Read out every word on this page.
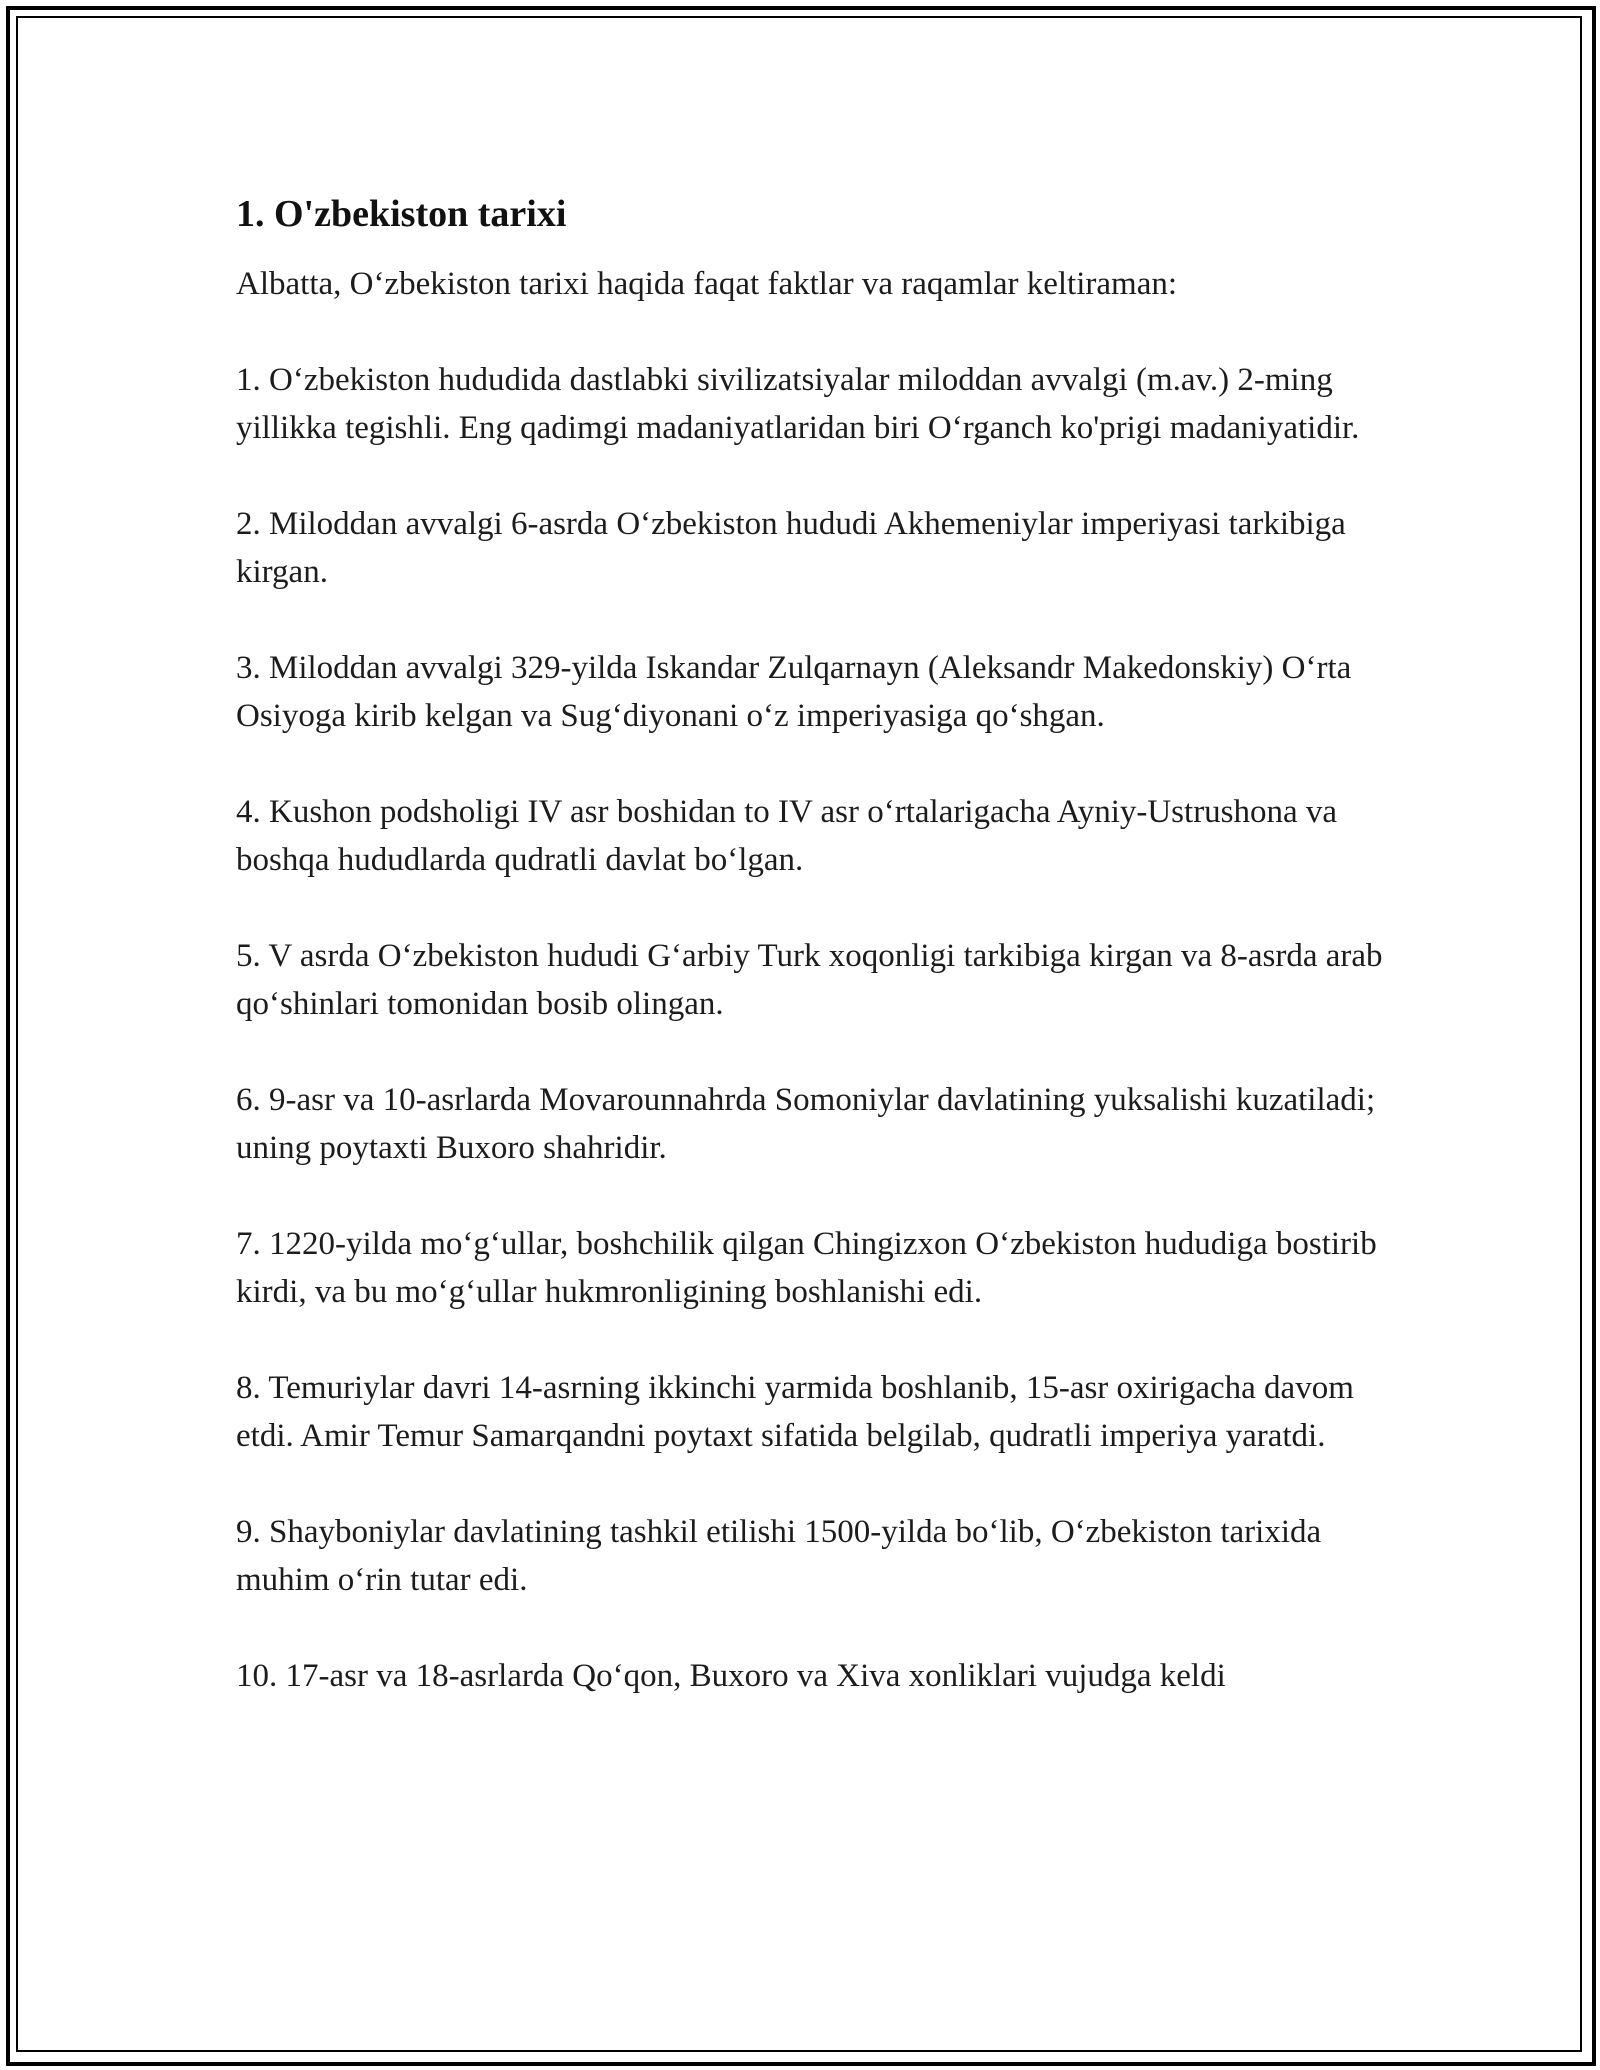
1. O'zbekiston tarixi

Albatta, O‘zbekiston tarixi haqida faqat faktlar va raqamlar keltiraman:

1. O‘zbekiston hududida dastlabki sivilizatsiyalar miloddan avvalgi (m.av.) 2-ming yillikka tegishli. Eng qadimgi madaniyatlaridan biri O‘rganch ko'prigi madaniyatidir.

2. Miloddan avvalgi 6-asrda O‘zbekiston hududi Akhemeniylar imperiyasi tarkibiga kirgan.

3. Miloddan avvalgi 329-yilda Iskandar Zulqarnayn (Aleksandr Makedonskiy) O‘rta Osiyoga kirib kelgan va Sug‘diyonani o‘z imperiyasiga qo‘shgan.

4. Kushon podsholigi IV asr boshidan to IV asr o‘rtalarigacha Ayniy-Ustrushona va boshqa hududlarda qudratli davlat bo‘lgan.

5. V asrda O‘zbekiston hududi G‘arbiy Turk xoqonligi tarkibiga kirgan va 8-asrda arab qo‘shinlari tomonidan bosib olingan.

6. 9-asr va 10-asrlarda Movarounnahrda Somoniylar davlatining yuksalishi kuzatiladi; uning poytaxti Buxoro shahridir.

7. 1220-yilda mo‘g‘ullar, boshchilik qilgan Chingizxon O‘zbekiston hududiga bostirib kirdi, va bu mo‘g‘ullar hukmronligining boshlanishi edi.

8. Temuriylar davri 14-asrning ikkinchi yarmida boshlanib, 15-asr oxirigacha davom etdi. Amir Temur Samarqandni poytaxt sifatida belgilab, qudratli imperiya yaratdi.

9. Shayboniylar davlatining tashkil etilishi 1500-yilda bo‘lib, O‘zbekiston tarixida muhim o‘rin tutar edi.

10. 17-asr va 18-asrlarda Qo‘qon, Buxoro va Xiva xonliklari vujudga keldi
